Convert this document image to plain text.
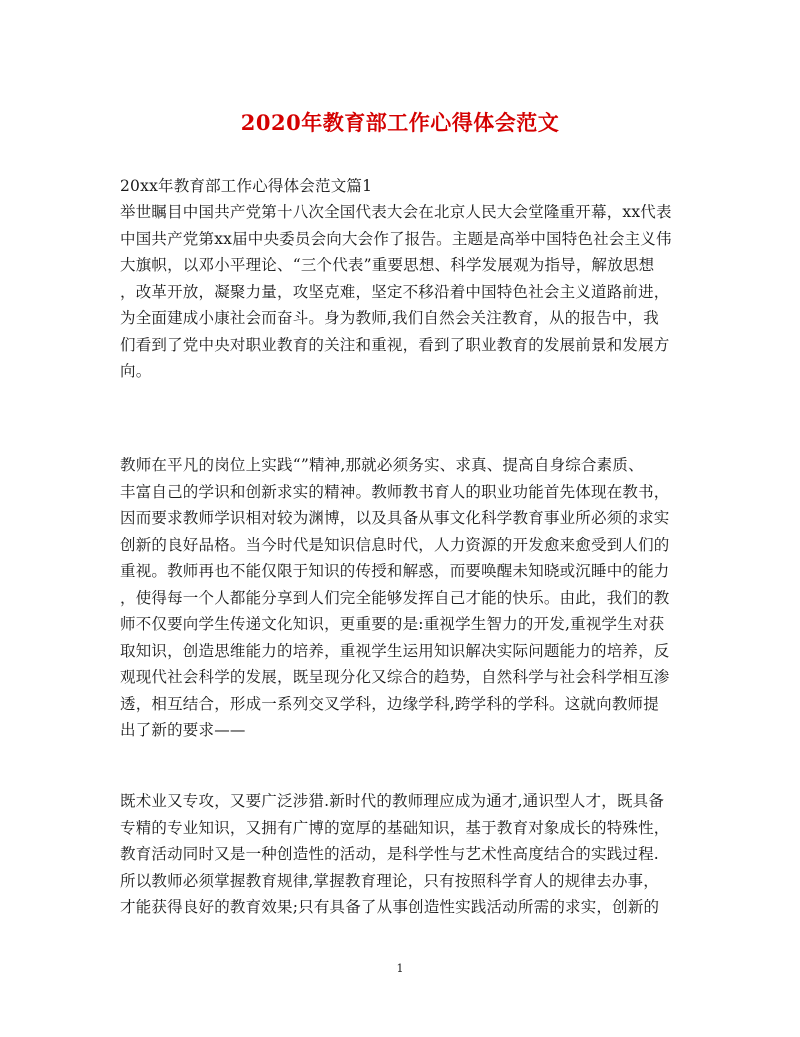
2020年教育部工作心得体会范文
20xx年教育部工作心得体会范文篇1
举世瞩目中国共产党第十八次全国代表大会在北京人民大会堂隆重开幕，xx代表
中国共产党第xx届中央委员会向大会作了报告。主题是高举中国特色社会主义伟
大旗帜，以邓小平理论、“三个代表”重要思想、科学发展观为指导，解放思想
，改革开放，凝聚力量，攻坚克难，坚定不移沿着中国特色社会主义道路前进，
为全面建成小康社会而奋斗。身为教师,我们自然会关注教育，从的报告中，我
们看到了党中央对职业教育的关注和重视，看到了职业教育的发展前景和发展方
向。
教师在平凡的岗位上实践“”精神,那就必须务实、求真、提高自身综合素质、
丰富自己的学识和创新求实的精神。教师教书育人的职业功能首先体现在教书，
因而要求教师学识相对较为渊博，以及具备从事文化科学教育事业所必须的求实
创新的良好品格。当今时代是知识信息时代，人力资源的开发愈来愈受到人们的
重视。教师再也不能仅限于知识的传授和解惑，而要唤醒未知晓或沉睡中的能力
，使得每一个人都能分享到人们完全能够发挥自己才能的快乐。由此，我们的教
师不仅要向学生传递文化知识，更重要的是:重视学生智力的开发,重视学生对获
取知识，创造思维能力的培养，重视学生运用知识解决实际问题能力的培养，反
观现代社会科学的发展，既呈现分化又综合的趋势，自然科学与社会科学相互渗
透，相互结合，形成一系列交叉学科，边缘学科,跨学科的学科。这就向教师提
出了新的要求——
既术业又专攻，又要广泛涉猎.新时代的教师理应成为通才,通识型人才，既具备
专精的专业知识，又拥有广博的宽厚的基础知识，基于教育对象成长的特殊性，
教育活动同时又是一种创造性的活动，是科学性与艺术性高度结合的实践过程.
所以教师必须掌握教育规律,掌握教育理论，只有按照科学育人的规律去办事，
才能获得良好的教育效果;只有具备了从事创造性实践活动所需的求实，创新的
1
